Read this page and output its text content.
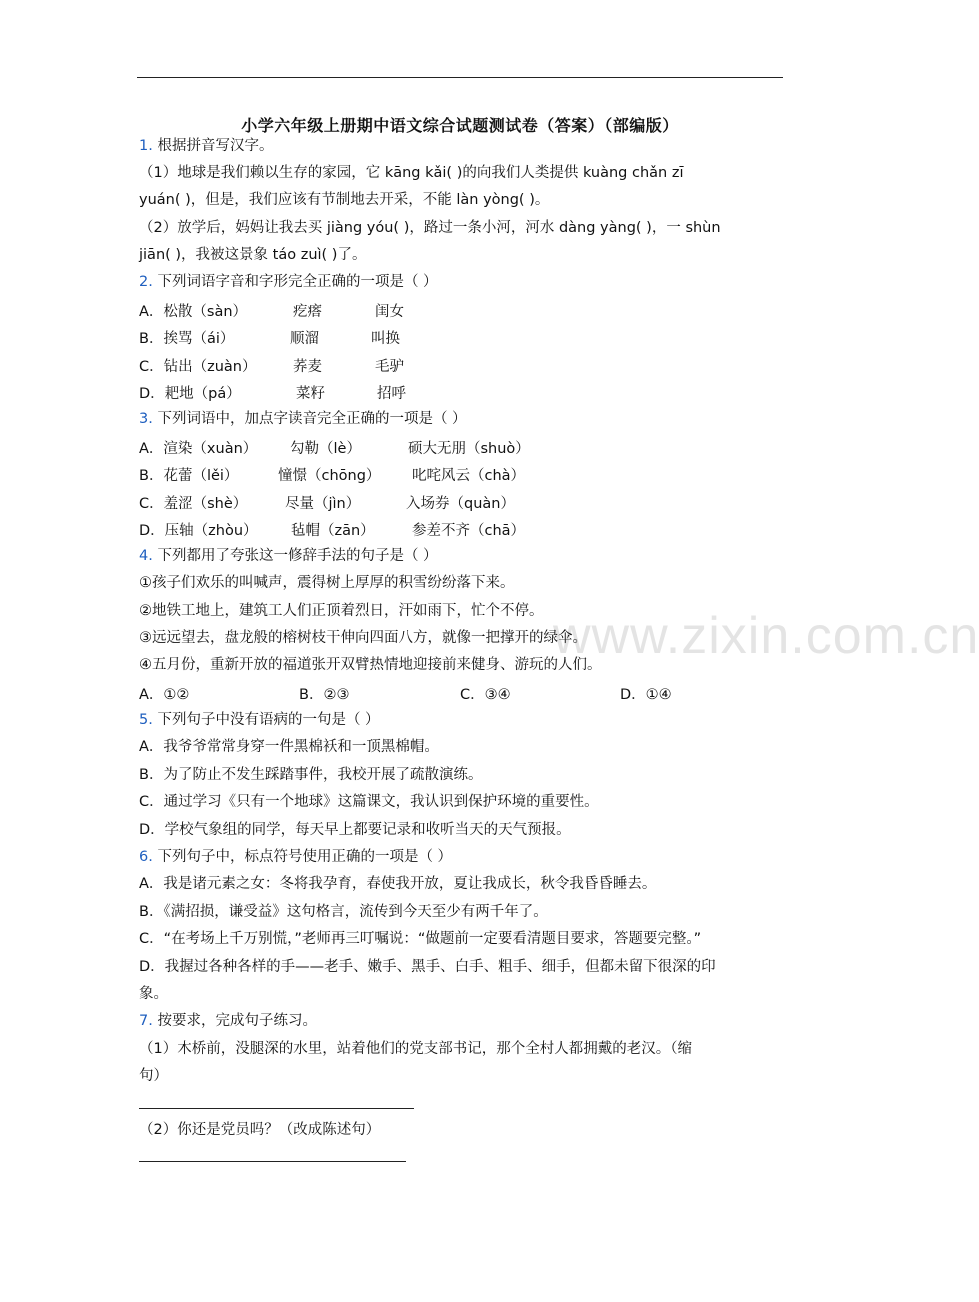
小学六年级上册期中语文综合试题测试卷（答案）（部编版）
www.zixin.com.cn
1. 根据拼音写汉字。
（1）地球是我们赖以生存的家园，它 kāng kǎi( )的向我们人类提供 kuàng chǎn zī
yuán( )，但是，我们应该有节制地去开采，不能 làn yòng( )。
（2）放学后，妈妈让我去买 jiàng yóu( )，路过一条小河，河水 dàng yàng( )，一 shùn
jiān( )，我被这景象 táo zuì( )了。
2. 下列词语字音和字形完全正确的一项是（ ）
A．松散（sàn）	疙瘩	闺女
B．挨骂（ái）	顺溜	叫换
C．钻出（zuàn）	荞麦	毛驴
D．耙地（pá）	菜籽	招呼
3. 下列词语中，加点字读音完全正确的一项是（ ）
A．渲染（xuàn） 勾勒（lè）	硕大无朋（shuò）
B．花蕾（lěi）	憧憬（chōng） 叱咤风云（chà）
C．羞涩（shè）	尽量（jìn）	入场券（quàn）
D．压轴（zhòu） 毡帽（zān）	参差不齐（chā）
4. 下列都用了夸张这一修辞手法的句子是（ ）
①孩子们欢乐的叫喊声，震得树上厚厚的积雪纷纷落下来。
②地铁工地上，建筑工人们正顶着烈日，汗如雨下，忙个不停。
③远远望去，盘龙般的榕树枝干伸向四面八方，就像一把撑开的绿伞。
④五月份，重新开放的福道张开双臂热情地迎接前来健身、游玩的人们。
A．①②	B．②③	C．③④	D．①④
5. 下列句子中没有语病的一句是（ ）
A．我爷爷常常身穿一件黑棉袄和一顶黑棉帽。
B．为了防止不发生踩踏事件，我校开展了疏散演练。
C．通过学习《只有一个地球》这篇课文，我认识到保护环境的重要性。
D．学校气象组的同学，每天早上都要记录和收听当天的天气预报。
6. 下列句子中，标点符号使用正确的一项是（ ）
A．我是诸元素之女：冬将我孕育，春使我开放，夏让我成长，秋令我昏昏睡去。
B．《满招损，谦受益》这句格言，流传到今天至少有两千年了。
C．“在考场上千万别慌，”老师再三叮嘱说：“做题前一定要看清题目要求，答题要完整。”
D．我握过各种各样的手——老手、嫩手、黑手、白手、粗手、细手，但都未留下很深的印
象。
7. 按要求，完成句子练习。
（1）木桥前，没腿深的水里，站着他们的党支部书记，那个全村人都拥戴的老汉。（缩
句）
（2）你还是党员吗？（改成陈述句）
